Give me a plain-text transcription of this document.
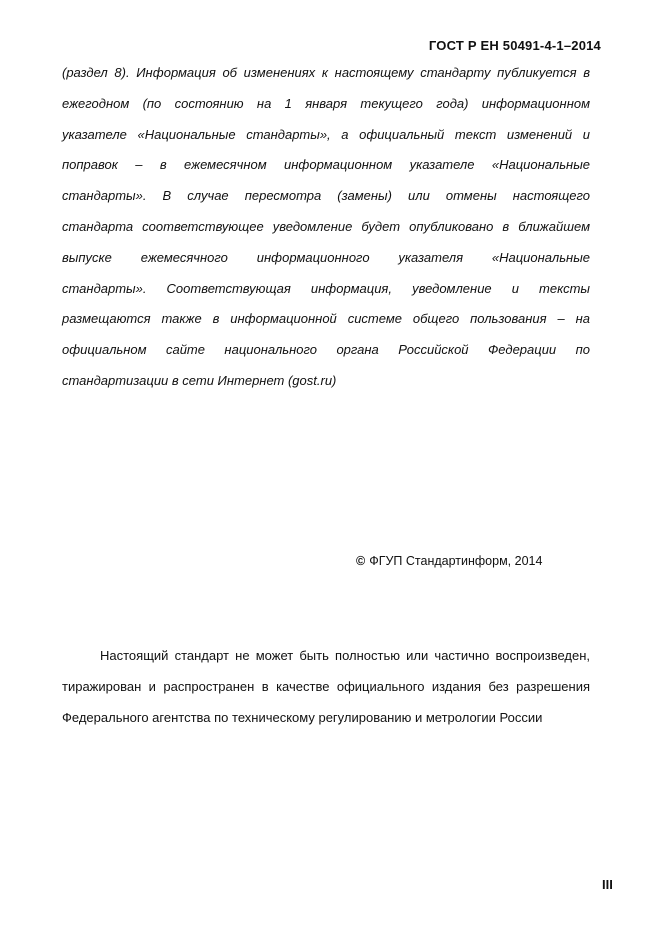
ГОСТ Р ЕН 50491-4-1–2014

(раздел 8). Информация об изменениях к настоящему стандарту публикуется в
ежегодном (по состоянию на 1 января текущего года) информационном
указателе «Национальные стандарты», а официальный текст изменений и
поправок – в ежемесячном информационном указателе «Национальные
стандарты». В случае пересмотра (замены) или отмены настоящего
стандарта соответствующее уведомление будет опубликовано в ближайшем
выпуске ежемесячного информационного указателя «Национальные
стандарты». Соответствующая информация, уведомление и тексты
размещаются также в информационной системе общего пользования – на
официальном сайте национального органа Российской Федерации по
стандартизации в сети Интернет (gost.ru)

© ФГУП Стандартинформ, 2014

Настоящий стандарт не может быть полностью или частично воспроизведен,
тиражирован и распространен в качестве официального издания без разрешения
Федерального агентства по техническому регулированию и метрологии России

III
